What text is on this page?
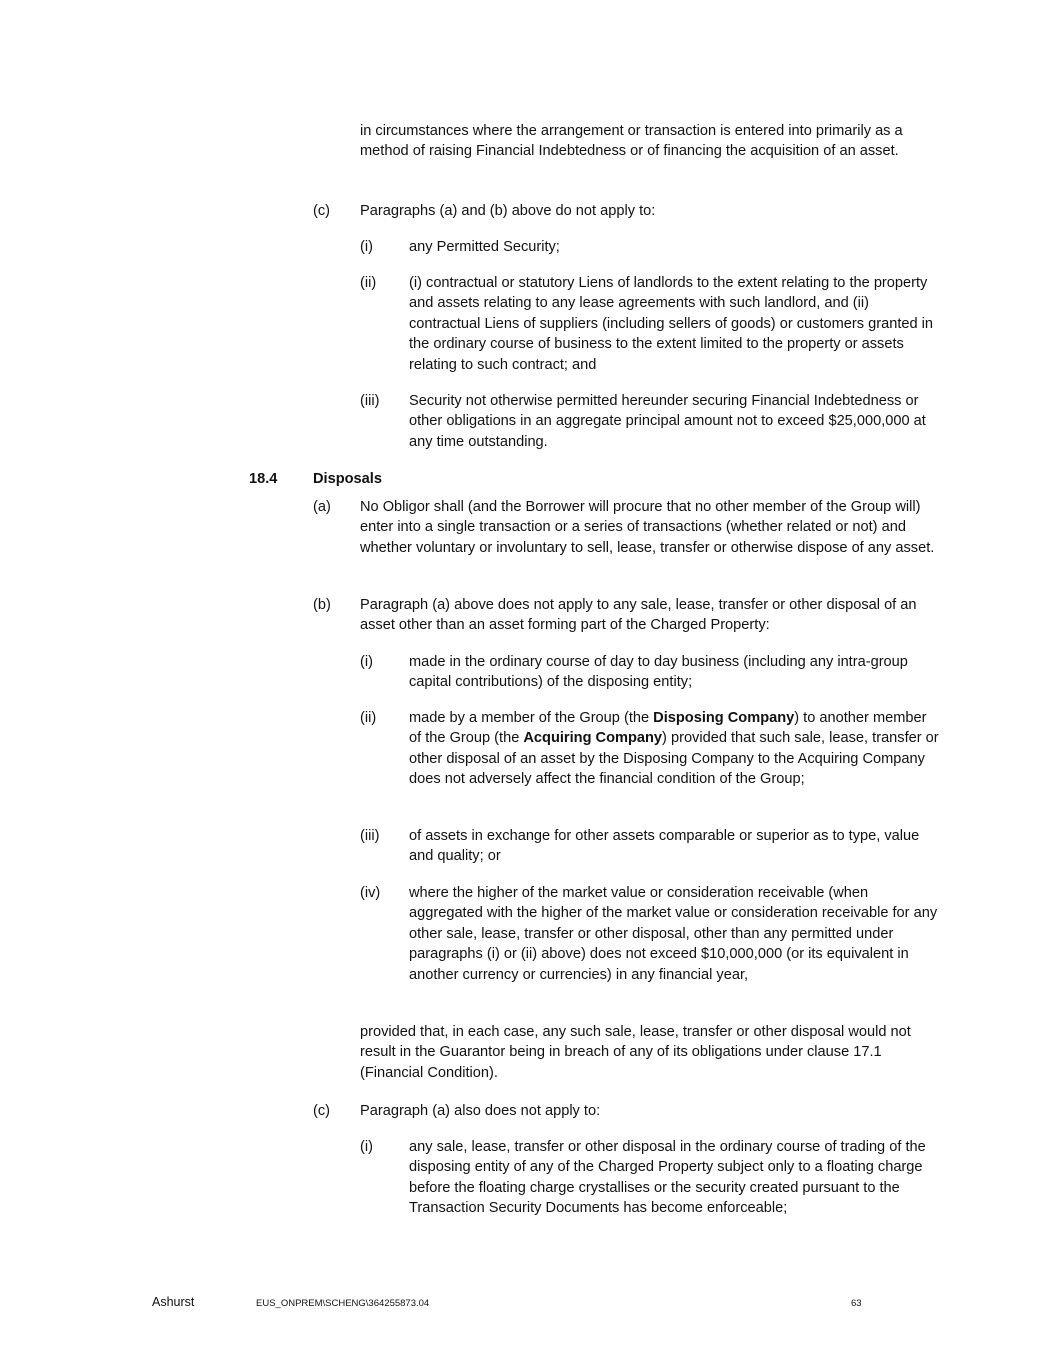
in circumstances where the arrangement or transaction is entered into primarily as a method of raising Financial Indebtedness or of financing the acquisition of an asset.

(c) Paragraphs (a) and (b) above do not apply to:

(i) any Permitted Security;

(ii) (i) contractual or statutory Liens of landlords to the extent relating to the property and assets relating to any lease agreements with such landlord, and (ii) contractual Liens of suppliers (including sellers of goods) or customers granted in the ordinary course of business to the extent limited to the property or assets relating to such contract; and

(iii) Security not otherwise permitted hereunder securing Financial Indebtedness or other obligations in an aggregate principal amount not to exceed $25,000,000 at any time outstanding.

18.4 Disposals
(a) No Obligor shall (and the Borrower will procure that no other member of the Group will) enter into a single transaction or a series of transactions (whether related or not) and whether voluntary or involuntary to sell, lease, transfer or otherwise dispose of any asset.

(b) Paragraph (a) above does not apply to any sale, lease, transfer or other disposal of an asset other than an asset forming part of the Charged Property:

(i) made in the ordinary course of day to day business (including any intra-group capital contributions) of the disposing entity;

(ii) made by a member of the Group (the Disposing Company) to another member of the Group (the Acquiring Company) provided that such sale, lease, transfer or other disposal of an asset by the Disposing Company to the Acquiring Company does not adversely affect the financial condition of the Group;

(iii) of assets in exchange for other assets comparable or superior as to type, value and quality; or

(iv) where the higher of the market value or consideration receivable (when aggregated with the higher of the market value or consideration receivable for any other sale, lease, transfer or other disposal, other than any permitted under paragraphs (i) or (ii) above) does not exceed $10,000,000 (or its equivalent in another currency or currencies) in any financial year,

provided that, in each case, any such sale, lease, transfer or other disposal would not result in the Guarantor being in breach of any of its obligations under clause 17.1 (Financial Condition).

(c) Paragraph (a) also does not apply to:

(i) any sale, lease, transfer or other disposal in the ordinary course of trading of the disposing entity of any of the Charged Property subject only to a floating charge before the floating charge crystallises or the security created pursuant to the Transaction Security Documents has become enforceable;

Ashurst	EUS_ONPREM\SCHENG\364255873.04	63
